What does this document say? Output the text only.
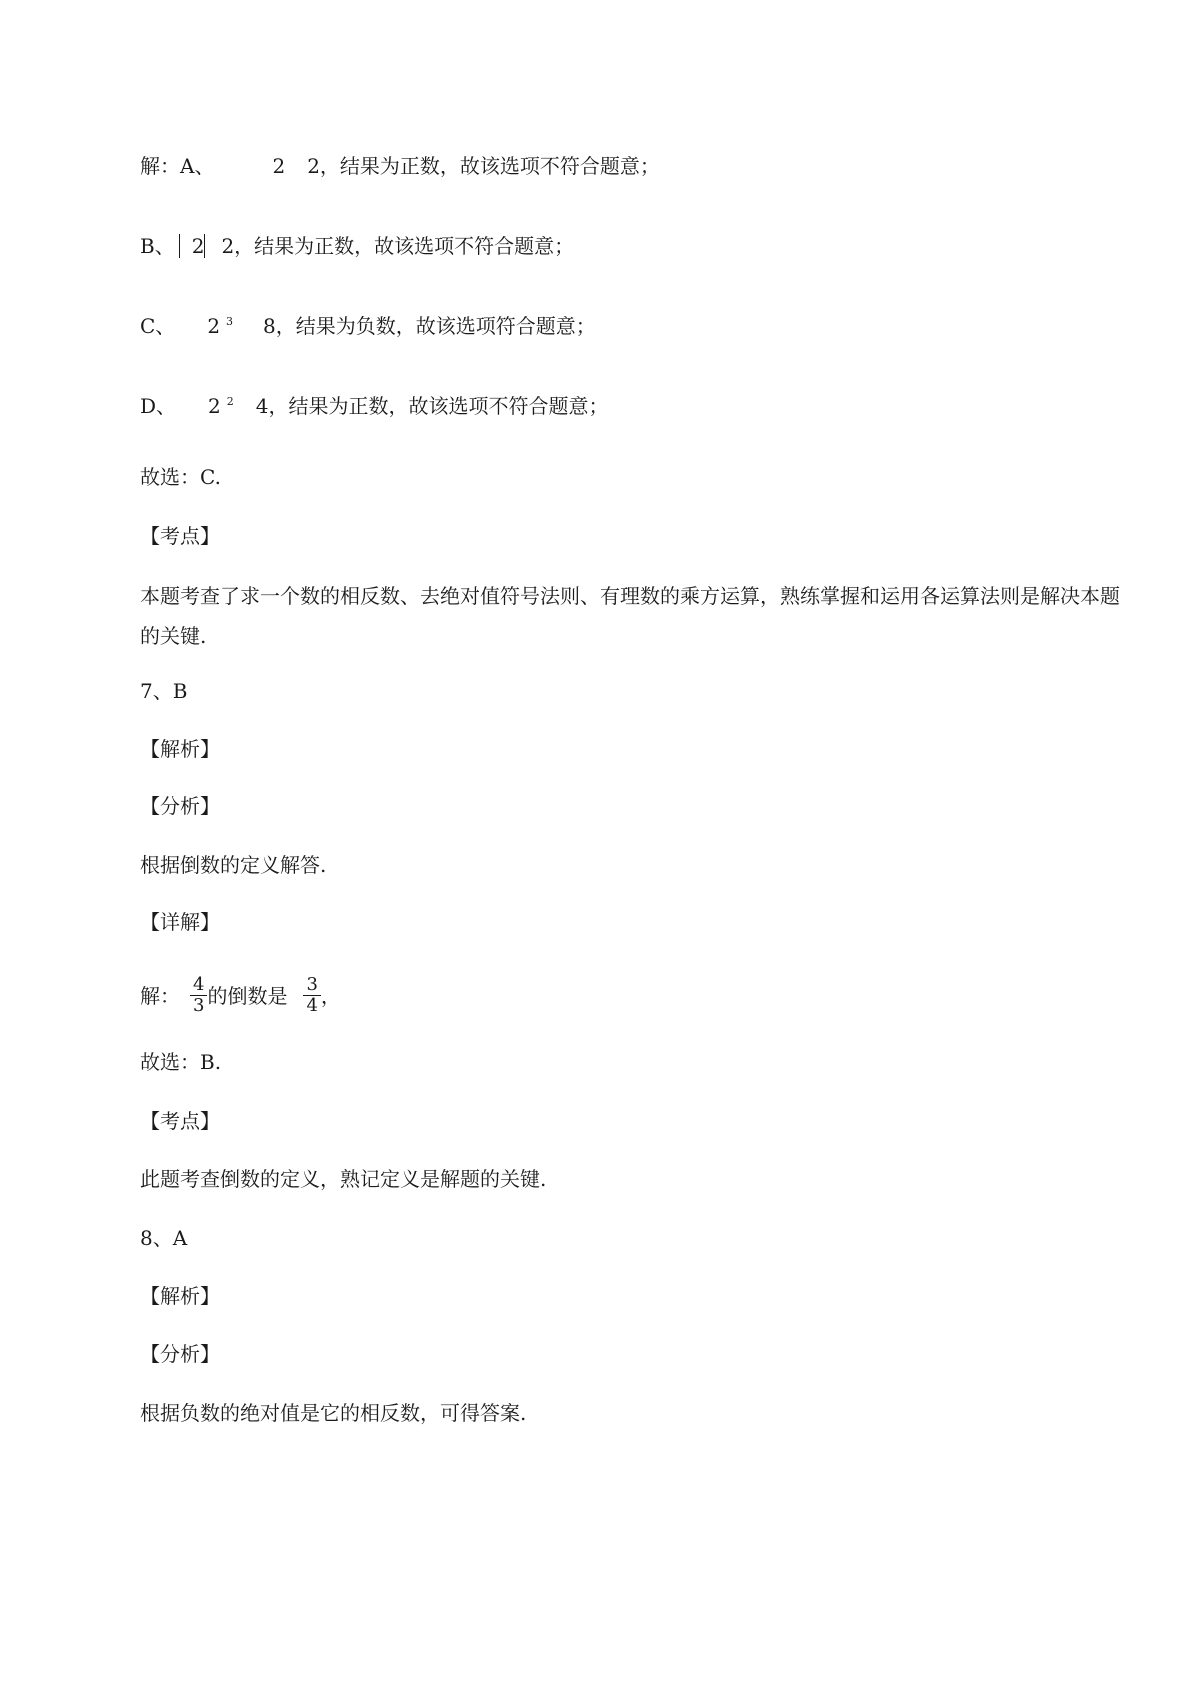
解：A、	2 2，结果为正数，故该选项不符合题意；
B、 2 2，结果为正数，故该选项不符合题意；
C、 2 $^3$ 8，结果为负数，故该选项符合题意；
D、 2 $^2$ 4，结果为正数，故该选项不符合题意；
故选：C.
【考点】
本题考查了求一个数的相反数、去绝对值符号法则、有理数的乘方运算，熟练掌握和运用各运算法则是解决本题的关键.
7、B
【解析】
【分析】
根据倒数的定义解答.
【详解】
解： $\frac{4}{3}$ 的倒数是 $\frac{3}{4}$ ，
故选：B.
【考点】
此题考查倒数的定义，熟记定义是解题的关键.
8、A
【解析】
【分析】
根据负数的绝对值是它的相反数，可得答案.
